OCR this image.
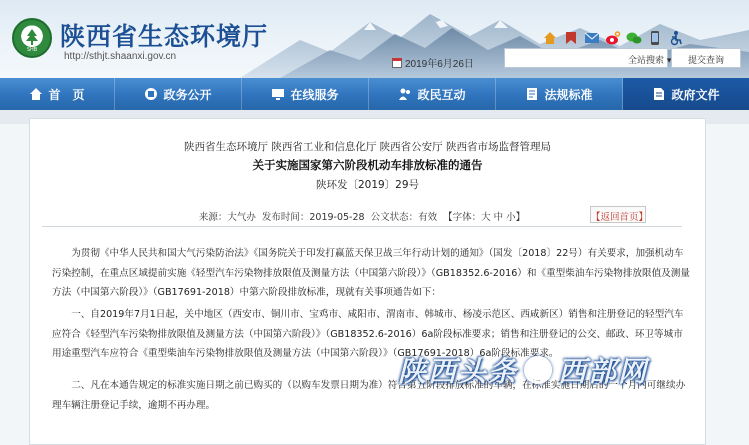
SHB 陕西省生态环境厅
http://sthjt.shaanxi.gov.cn
2019年6月26日	全站搜索 ▾	提交查询
首　页	政务公开	在线服务	政民互动	法规标准	政府文件
陕西省生态环境厅 陕西省工业和信息化厅 陕西省公安厅 陕西省市场监督管理局
关于实施国家第六阶段机动车排放标准的通告
陕环发〔2019〕29号
来源：大气办 发布时间：2019-05-28 公文状态：有效 【字体：大 中 小】	【返回首页】

为贯彻《中华人民共和国大气污染防治法》《国务院关于印发打赢蓝天保卫战三年行动计划的通知》（国发〔2018〕22号）有关要求，加强机动车污染控制，在重点区域提前实施《轻型汽车污染物排放限值及测量方法（中国第六阶段）》（GB18352.6-2016）和《重型柴油车污染物排放限值及测量方法（中国第六阶段）》（GB17691-2018）中第六阶段排放标准，现就有关事项通告如下：

一、自2019年7月1日起，关中地区（西安市、铜川市、宝鸡市、咸阳市、渭南市、韩城市、杨凌示范区、西咸新区）销售和注册登记的轻型汽车应符合《轻型汽车污染物排放限值及测量方法（中国第六阶段）》（GB18352.6-2016）6a阶段标准要求；销售和注册登记的公交、邮政、环卫等城市用途重型汽车应符合《重型柴油车污染物排放限值及测量方法（中国第六阶段）》（GB17691-2018）6a阶段标准要求。

二、凡在本通告规定的标准实施日期之前已购买的（以购车发票日期为准）符合第五阶段排放标准的车辆，在标准实施日期后的一个月内可继续办理车辆注册登记手续，逾期不再办理。

陕西头条 西部网
